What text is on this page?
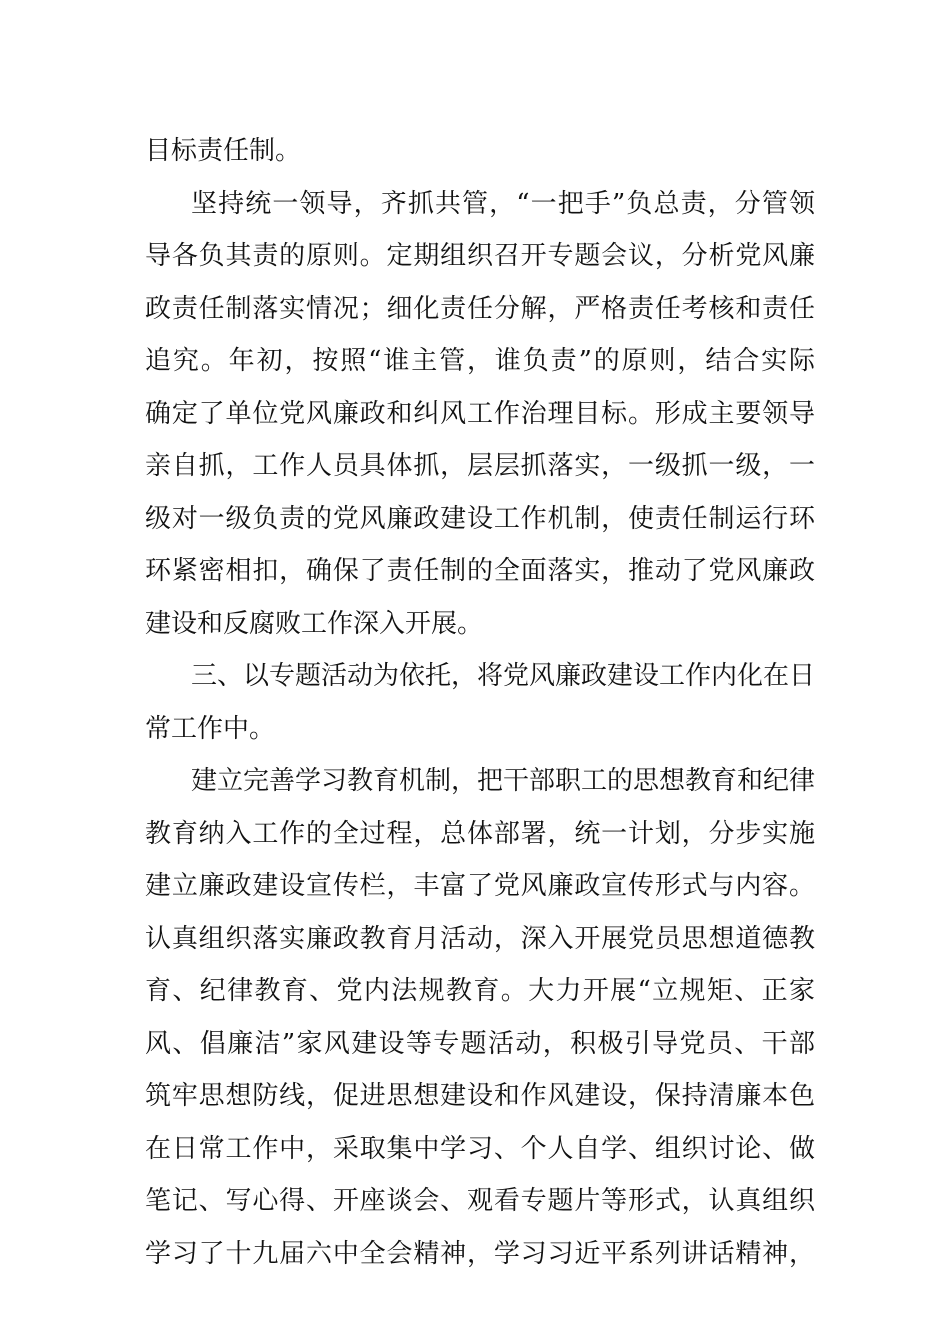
目标责任制。
坚持统一领导，齐抓共管，“一把手”负总责，分管领
导各负其责的原则。定期组织召开专题会议，分析党风廉
政责任制落实情况；细化责任分解，严格责任考核和责任
追究。年初，按照“谁主管，谁负责”的原则，结合实际
确定了单位党风廉政和纠风工作治理目标。形成主要领导
亲自抓，工作人员具体抓，层层抓落实，一级抓一级，一
级对一级负责的党风廉政建设工作机制，使责任制运行环
环紧密相扣，确保了责任制的全面落实，推动了党风廉政
建设和反腐败工作深入开展。
三、以专题活动为依托，将党风廉政建设工作内化在日
常工作中。
建立完善学习教育机制，把干部职工的思想教育和纪律
教育纳入工作的全过程，总体部署，统一计划，分步实施
建立廉政建设宣传栏，丰富了党风廉政宣传形式与内容。
认真组织落实廉政教育月活动，深入开展党员思想道德教
育、纪律教育、党内法规教育。大力开展“立规矩、正家
风、倡廉洁”家风建设等专题活动，积极引导党员、干部
筑牢思想防线，促进思想建设和作风建设，保持清廉本色
在日常工作中，采取集中学习、个人自学、组织讨论、做
笔记、写心得、开座谈会、观看专题片等形式，认真组织
学习了十九届六中全会精神，学习习近平系列讲话精神，
